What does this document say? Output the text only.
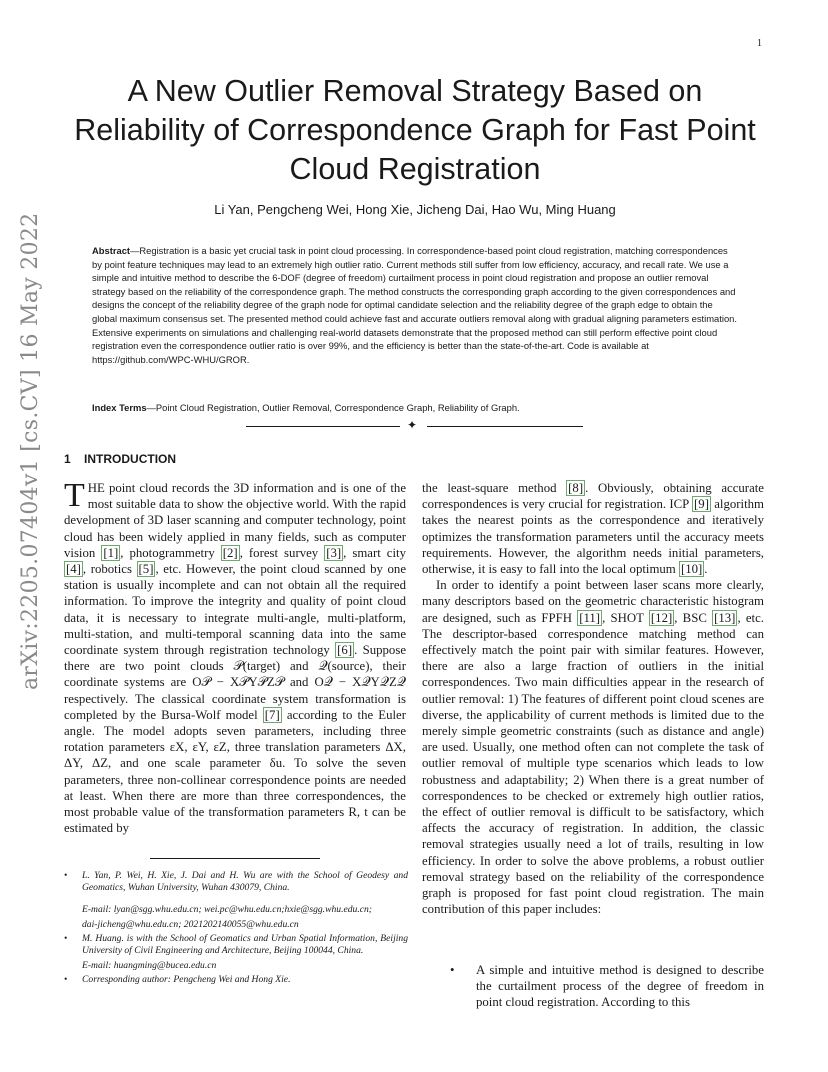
1
arXiv:2205.07404v1 [cs.CV] 16 May 2022
A New Outlier Removal Strategy Based on Reliability of Correspondence Graph for Fast Point Cloud Registration
Li Yan, Pengcheng Wei, Hong Xie, Jicheng Dai, Hao Wu, Ming Huang

Abstract—Registration is a basic yet crucial task in point cloud processing. In correspondence-based point cloud registration, matching correspondences by point feature techniques may lead to an extremely high outlier ratio. Current methods still suffer from low efficiency, accuracy, and recall rate. We use a simple and intuitive method to describe the 6-DOF (degree of freedom) curtailment process in point cloud registration and propose an outlier removal strategy based on the reliability of the correspondence graph. The method constructs the corresponding graph according to the given correspondences and designs the concept of the reliability degree of the graph node for optimal candidate selection and the reliability degree of the graph edge to obtain the global maximum consensus set. The presented method could achieve fast and accurate outliers removal along with gradual aligning parameters estimation. Extensive experiments on simulations and challenging real-world datasets demonstrate that the proposed method can still perform effective point cloud registration even the correspondence outlier ratio is over 99%, and the efficiency is better than the state-of-the-art. Code is available at https://github.com/WPC-WHU/GROR.

Index Terms—Point Cloud Registration, Outlier Removal, Correspondence Graph, Reliability of Graph.

✦
1 INTRODUCTION

THE point cloud records the 3D information and is one of the most suitable data to show the objective world. With the rapid development of 3D laser scanning and computer technology, point cloud has been widely applied in many fields, such as computer vision [1] , photogrammetry [2] , forest survey [3] , smart city [4] , robotics [5] , etc. However, the point cloud scanned by one station is usually incomplete and can not obtain all the required information. To improve the integrity and quality of point cloud data, it is necessary to integrate multi-angle, multi-platform, multi-station, and multi-temporal scanning data into the same coordinate system through registration technology [6] . Suppose there are two point clouds 𝒫(target) and 𝒬(source), their coordinate systems are O𝒫 − X𝒫Y𝒫Z𝒫 and O𝒬 − X𝒬Y𝒬Z𝒬 respectively. The classical coordinate system transformation is completed by the Bursa-Wolf model [7] according to the Euler angle. The model adopts seven parameters, including three rotation parameters εX, εY, εZ, three translation parameters ΔX, ΔY, ΔZ, and one scale parameter δu. To solve the seven parameters, three non-collinear correspondence points are needed at least. When there are more than three correspondences, the most probable value of the transformation parameters R, t can be estimated by

the least-square method [8] . Obviously, obtaining accurate correspondences is very crucial for registration. ICP [9] algorithm takes the nearest points as the correspondence and iteratively optimizes the transformation parameters until the accuracy meets requirements. However, the algorithm needs initial parameters, otherwise, it is easy to fall into the local optimum [10] .

In order to identify a point between laser scans more clearly, many descriptors based on the geometric characteristic histogram are designed, such as FPFH [11] , SHOT [12] , BSC [13] , etc. The descriptor-based correspondence matching method can effectively match the point pair with similar features. However, there are also a large fraction of outliers in the initial correspondences. Two main difficulties appear in the research of outlier removal: 1) The features of different point cloud scenes are diverse, the applicability of current methods is limited due to the merely simple geometric constraints (such as distance and angle) are used. Usually, one method often can not complete the task of outlier removal of multiple type scenarios which leads to low robustness and adaptability; 2) When there is a great number of correspondences to be checked or extremely high outlier ratios, the effect of outlier removal is difficult to be satisfactory, which affects the accuracy of registration. In addition, the classic removal strategies usually need a lot of trails, resulting in low efficiency. In order to solve the above problems, a robust outlier removal strategy based on the reliability of the correspondence graph is proposed for fast point cloud registration. The main contribution of this paper includes:

• A simple and intuitive method is designed to describe the curtailment process of the degree of freedom in point cloud registration. According to this

• L. Yan, P. Wei, H. Xie, J. Dai and H. Wu are with the School of Geodesy and Geomatics, Wuhan University, Wuhan 430079, China.

E-mail: lyan@sgg.whu.edu.cn; wei.pc@whu.edu.cn;hxie@sgg.whu.edu.cn;

dai-jicheng@whu.edu.cn; 2021202140055@whu.edu.cn

• M. Huang. is with the School of Geomatics and Urban Spatial Information, Beijing University of Civil Engineering and Architecture, Beijing 100044, China.

E-mail: huangming@bucea.edu.cn

• Corresponding author: Pengcheng Wei and Hong Xie.
